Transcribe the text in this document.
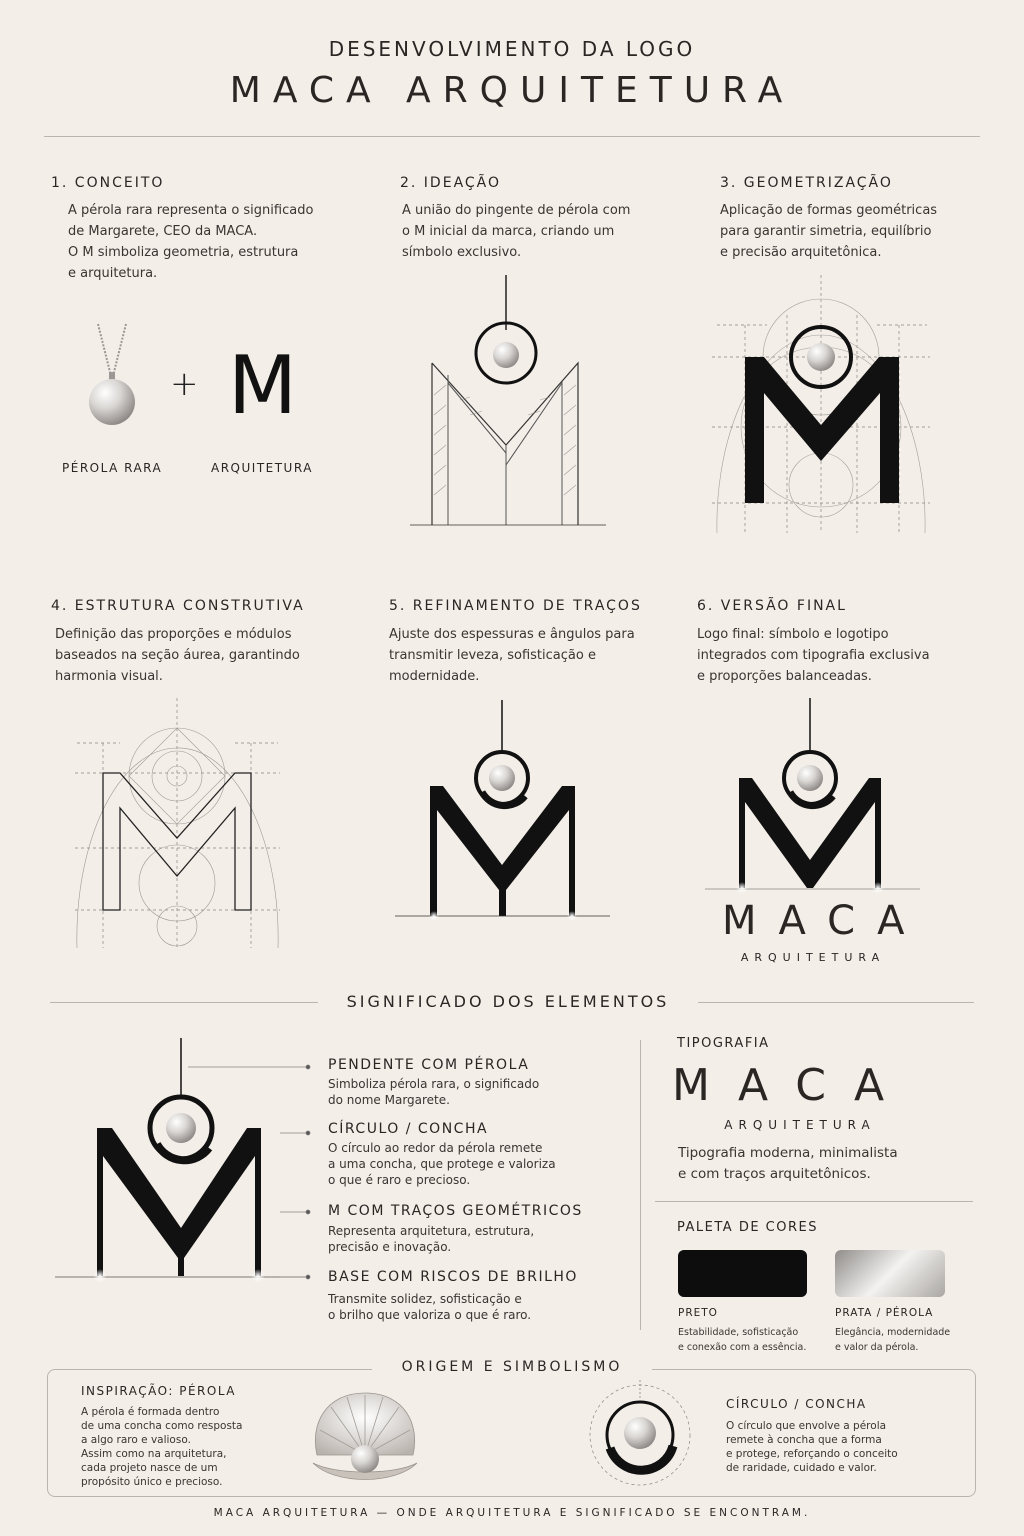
DESENVOLVIMENTO DA LOGO
MACA ARQUITETURA
1. CONCEITO
A pérola rara representa o significado
de Margarete, CEO da MACA.
O M simboliza geometria, estrutura
e arquitetura.
2. IDEAÇÃO
A união do pingente de pérola com
o M inicial da marca, criando um
símbolo exclusivo.
3. GEOMETRIZAÇÃO
Aplicação de formas geométricas
para garantir simetria, equilíbrio
e precisão arquitetônica.
4. ESTRUTURA CONSTRUTIVA
Definição das proporções e módulos
baseados na seção áurea, garantindo
harmonia visual.
5. REFINAMENTO DE TRAÇOS
Ajuste dos espessuras e ângulos para
transmitir leveza, sofisticação e
modernidade.
6. VERSÃO FINAL
Logo final: símbolo e logotipo
integrados com tipografia exclusiva
e proporções balanceadas.
+ M
PÉROLA RARA	ARQUITETURA
MACA
ARQUITETURA
SIGNIFICADO DOS ELEMENTOS
PENDENTE COM PÉROLA
Simboliza pérola rara, o significado
do nome Margarete.
CÍRCULO / CONCHA
O círculo ao redor da pérola remete
a uma concha, que protege e valoriza
o que é raro e precioso.
M COM TRAÇOS GEOMÉTRICOS
Representa arquitetura, estrutura,
precisão e inovação.
BASE COM RISCOS DE BRILHO
Transmite solidez, sofisticação e
o brilho que valoriza o que é raro.
TIPOGRAFIA
MACA
ARQUITETURA
Tipografia moderna, minimalista
e com traços arquitetônicos.
PALETA DE CORES
PRETO
Estabilidade, sofisticação
e conexão com a essência.
PRATA / PÉROLA
Elegância, modernidade
e valor da pérola.
ORIGEM E SIMBOLISMO
INSPIRAÇÃO: PÉROLA
A pérola é formada dentro
de uma concha como resposta
a algo raro e valioso.
Assim como na arquitetura,
cada projeto nasce de um
propósito único e precioso.
CÍRCULO / CONCHA
O círculo que envolve a pérola
remete à concha que a forma
e protege, reforçando o conceito
de raridade, cuidado e valor.
MACA ARQUITETURA — ONDE ARQUITETURA E SIGNIFICADO SE ENCONTRAM.
